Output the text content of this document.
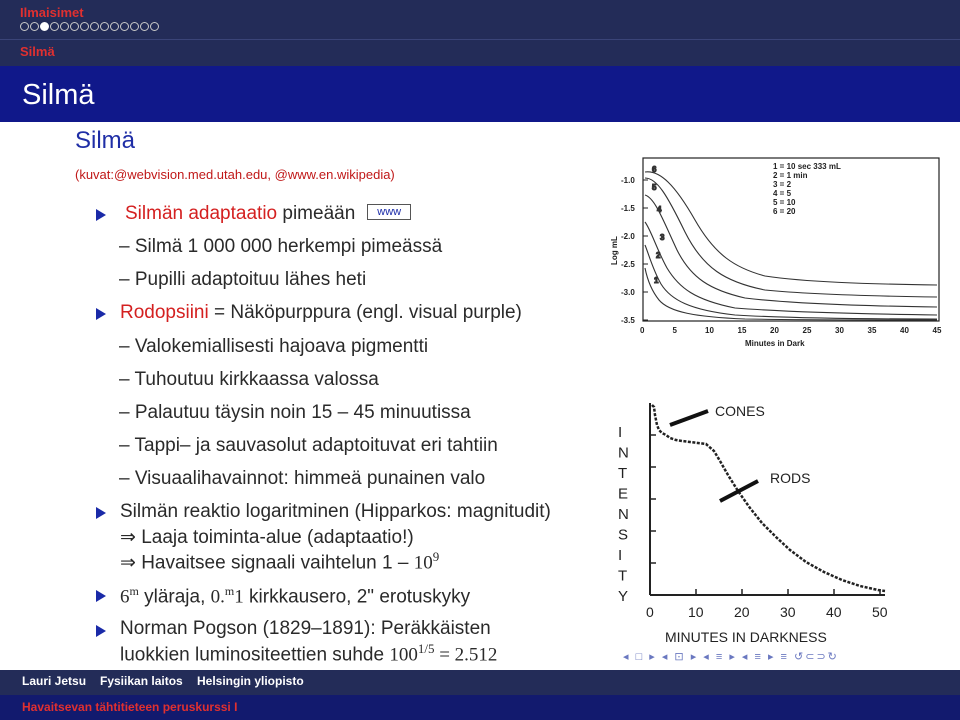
Ilmaisimet
Silmä
Silmä
Silmä
(kuvat:@webvision.med.utah.edu, @www.en.wikipedia)
Silmän adaptaatio pimeään www
– Silmä 1 000 000 herkempi pimeässä
– Pupilli adaptoituu lähes heti
Rodopsiini = Näköpurppura (engl. visual purple)
– Valokemiallisesti hajoava pigmentti
– Tuhoutuu kirkkaassa valossa
– Palautuu täysin noin 15 – 45 minuutissa
– Tappi– ja sauvasolut adaptoituvat eri tahtiin
– Visuaalihavainnot: himmeä punainen valo
Silmän reaktio logaritminen (Hipparkos: magnitudit)
⇒ Laaja toiminta-alue (adaptaatio!)
⇒ Havaitsee signaali vaihtelun $1 - 10^9$
6$^m$ yläraja, 0.$^m$1 kirkkausero, 2" erotuskyky
Norman Pogson (1829–1891): Peräkkäisten
luokkien luminositeettien suhde $100^{1/5} = 2.512$
Log mL
-1.0
-1.5
-2.0
-2.5
-3.0
-3.5
0	5	10	15	20	25	30	35	40	45
Minutes in Dark
6
5
4
3
2
1
1 = 10 sec 333 mL
2 = 1 min
3 = 2
4 = 5
5 = 10
6 = 20
I
N
T
E
N
S
I
T
Y
CONES
RODS
0 10 20 30 40 50
MINUTES IN DARKNESS
◂ □ ▸ ◂ ⊡ ▸ ◂ ≡ ▸ ◂ ≡ ▸ ≡ ↺⊂⊃↻
Lauri Jetsu Fysiikan laitos Helsingin yliopisto
Havaitsevan tähtitieteen peruskurssi I
